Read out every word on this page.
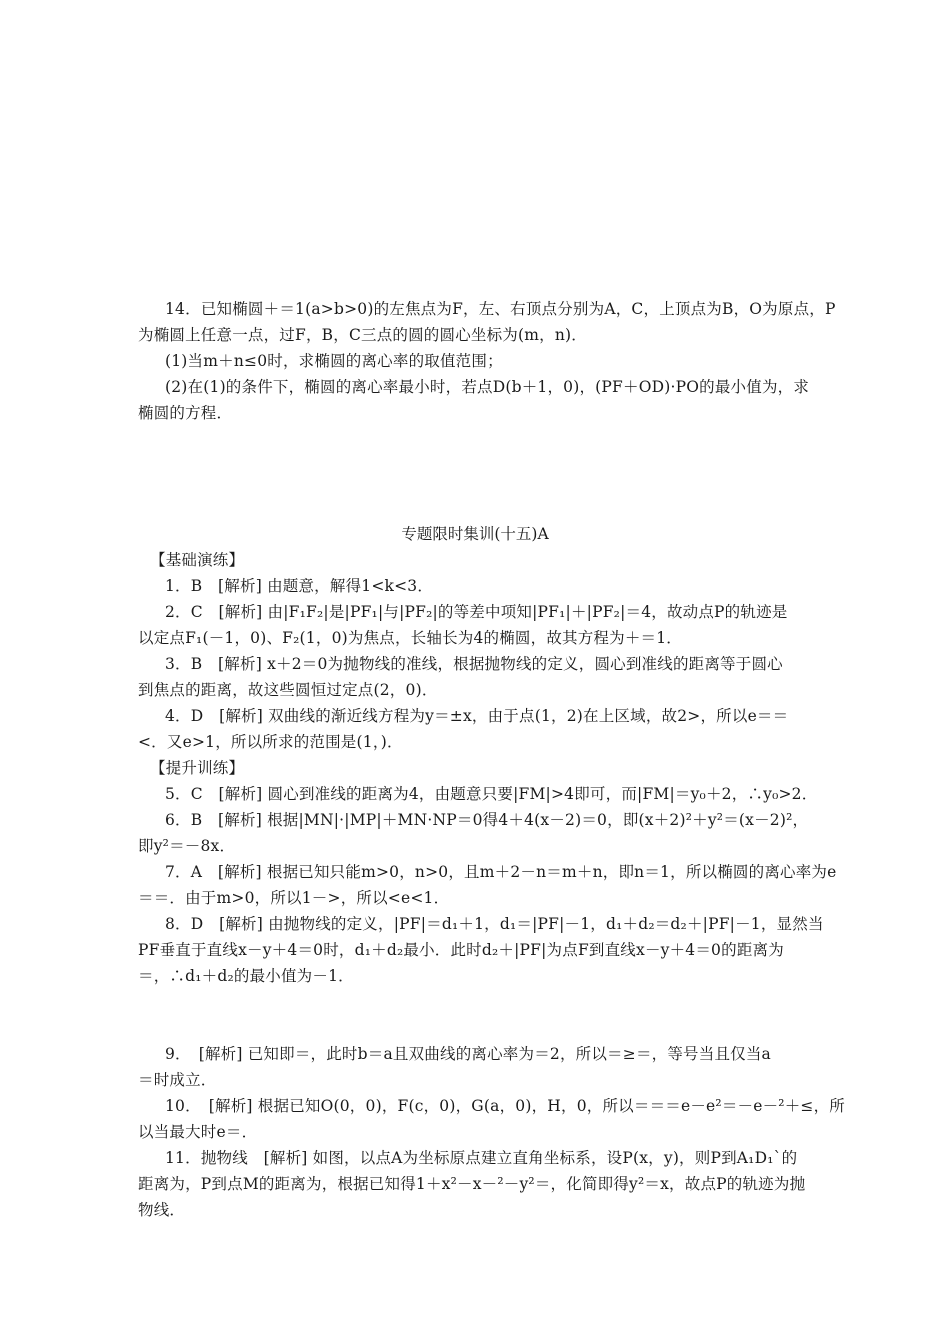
14．已知椭圆＋＝1(a>b>0)的左焦点为F，左、右顶点分别为A，C，上顶点为B，O为原点，P
为椭圆上任意一点，过F，B，C三点的圆的圆心坐标为(m，n)．
(1)当m＋n≤0时，求椭圆的离心率的取值范围；
(2)在(1)的条件下，椭圆的离心率最小时，若点D(b＋1，0)，(PF＋OD)·PO的最小值为，求
椭圆的方程．
专题限时集训(十五)A
【基础演练】
1．B　[解析] 由题意，解得1<k<3．
2．C　[解析] 由|F₁F₂|是|PF₁|与|PF₂|的等差中项知|PF₁|＋|PF₂|＝4，故动点P的轨迹是
以定点F₁(－1，0)、F₂(1，0)为焦点，长轴长为4的椭圆，故其方程为＋＝1．
3．B　[解析] x＋2＝0为抛物线的准线，根据抛物线的定义，圆心到准线的距离等于圆心
到焦点的距离，故这些圆恒过定点(2，0)．
4．D　[解析] 双曲线的渐近线方程为y＝±x，由于点(1，2)在上区域，故2>，所以e＝＝
<．又e>1，所以所求的范围是(1，)．
【提升训练】
5．C　[解析] 圆心到准线的距离为4，由题意只要|FM|>4即可，而|FM|＝y₀＋2，∴y₀>2．
6．B　[解析] 根据|MN|·|MP|＋MN·NP＝0得4＋4(x－2)＝0，即(x＋2)²＋y²＝(x－2)²，
即y²＝－8x．
7．A　[解析] 根据已知只能m>0，n>0，且m＋2－n＝m＋n，即n＝1，所以椭圆的离心率为e
＝＝．由于m>0，所以1－>，所以<e<1．
8．D　[解析] 由抛物线的定义，|PF|＝d₁＋1，d₁＝|PF|－1，d₁＋d₂＝d₂＋|PF|－1，显然当
PF垂直于直线x－y＋4＝0时，d₁＋d₂最小．此时d₂＋|PF|为点F到直线x－y＋4＝0的距离为
＝，∴d₁＋d₂的最小值为－1．
9．　[解析] 已知即＝，此时b＝a且双曲线的离心率为＝2，所以＝≥＝，等号当且仅当a
＝时成立．
10．　[解析] 根据已知O(0，0)，F(c，0)，G(a，0)，H，0，所以＝＝＝e－e²＝－e－²＋≤，所
以当最大时e＝．
11．抛物线　[解析] 如图，以点A为坐标原点建立直角坐标系，设P(x，y)，则P到A₁D₁`的
距离为，P到点M的距离为，根据已知得1＋x²－x－²－y²＝，化简即得y²＝x，故点P的轨迹为抛
物线．
